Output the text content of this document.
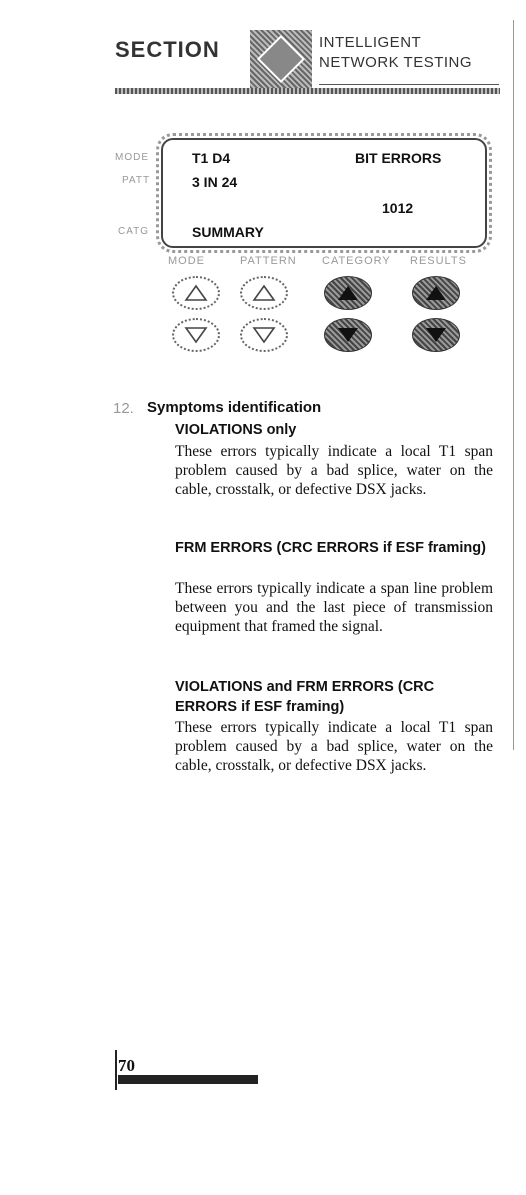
SECTION	INTELLIGENT
NETWORK TESTING
MODE
PATT
CATG
T1 D4	BIT ERRORS
3 IN 24
1012
SUMMARY
MODE	PATTERN CATEGORY RESULTS
12. Symptoms identification

VIOLATIONS only

These errors typically indicate a local T1 span problem caused by a bad splice, water on the cable, crosstalk, or defective DSX jacks.

FRM ERRORS (CRC ERRORS if ESF framing)

These errors typically indicate a span line problem between you and the last piece of transmission equipment that framed the signal.

VIOLATIONS and FRM ERRORS (CRC ERRORS if ESF framing)

These errors typically indicate a local T1 span problem caused by a bad splice, water on the cable, crosstalk, or defective DSX jacks.

70
